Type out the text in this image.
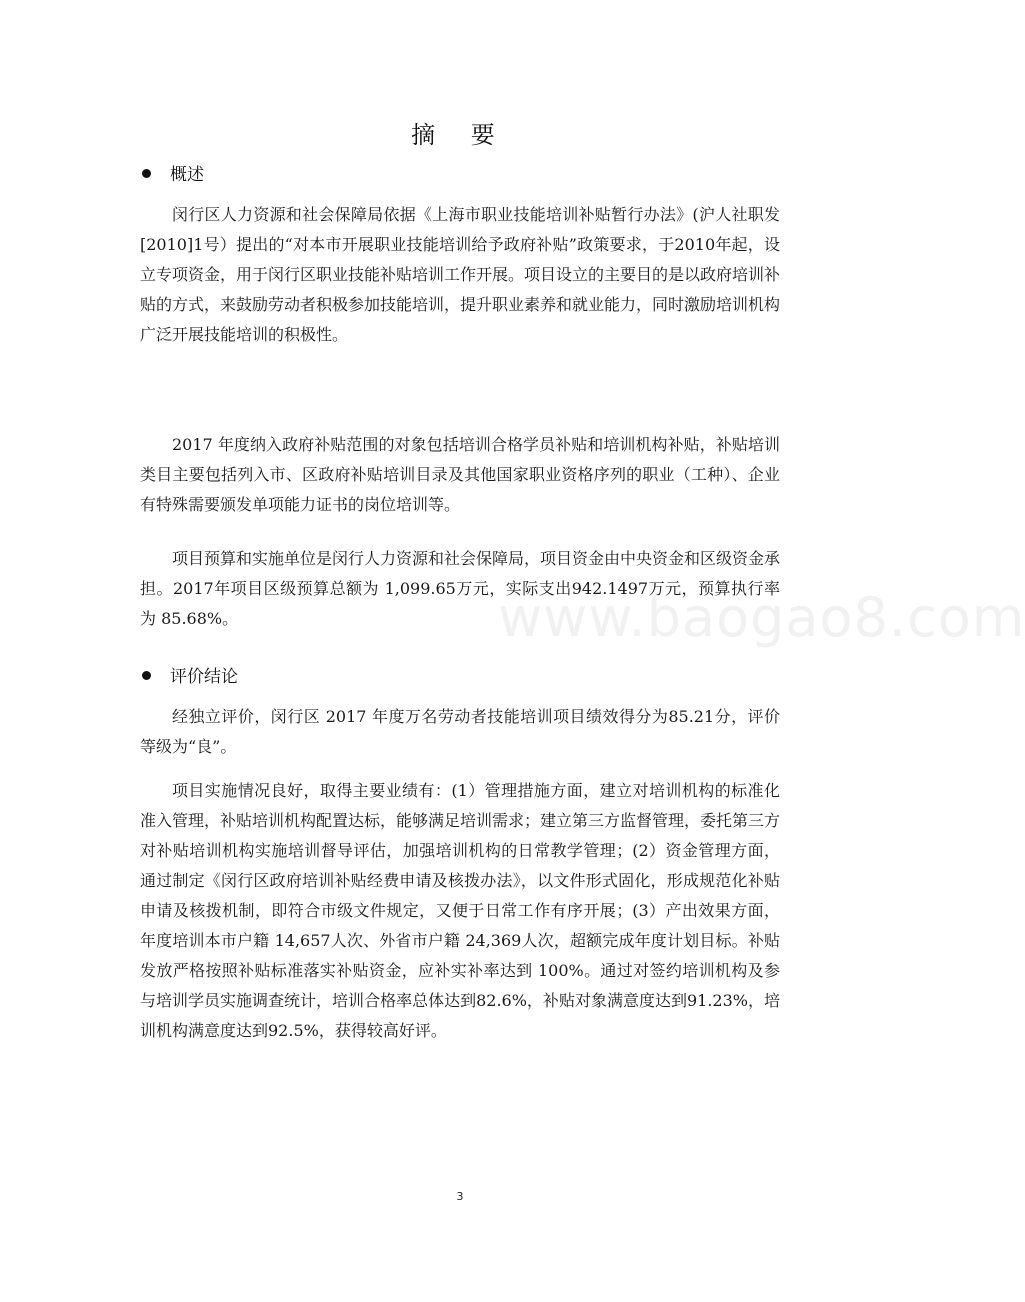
摘 要
概述

闵行区人力资源和社会保障局依据《上海市职业技能培训补贴暂行办法》(沪人社职发[2010]1号）提出的“对本市开展职业技能培训给予政府补贴”政策要求，于2010年起，设立专项资金，用于闵行区职业技能补贴培训工作开展。项目设立的主要目的是以政府培训补贴的方式，来鼓励劳动者积极参加技能培训，提升职业素养和就业能力，同时激励培训机构广泛开展技能培训的积极性。

2017 年度纳入政府补贴范围的对象包括培训合格学员补贴和培训机构补贴，补贴培训类目主要包括列入市、区政府补贴培训目录及其他国家职业资格序列的职业（工种）、企业有特殊需要颁发单项能力证书的岗位培训等。

项目预算和实施单位是闵行人力资源和社会保障局，项目资金由中央资金和区级资金承担。2017年项目区级预算总额为 1,099.65万元，实际支出942.1497万元，预算执行率为 85.68%。

评价结论

经独立评价，闵行区 2017 年度万名劳动者技能培训项目绩效得分为85.21分，评价等级为“良”。

项目实施情况良好，取得主要业绩有：(1）管理措施方面，建立对培训机构的标准化准入管理，补贴培训机构配置达标，能够满足培训需求；建立第三方监督管理，委托第三方对补贴培训机构实施培训督导评估，加强培训机构的日常教学管理；(2）资金管理方面，通过制定《闵行区政府培训补贴经费申请及核拨办法》，以文件形式固化，形成规范化补贴申请及核拨机制，即符合市级文件规定，又便于日常工作有序开展；(3）产出效果方面，年度培训本市户籍 14,657人次、外省市户籍 24,369人次，超额完成年度计划目标。补贴发放严格按照补贴标准落实补贴资金，应补实补率达到 100%。通过对签约培训机构及参与培训学员实施调查统计，培训合格率总体达到82.6%，补贴对象满意度达到91.23%，培训机构满意度达到92.5%，获得较高好评。

www.baogao8.com
3
